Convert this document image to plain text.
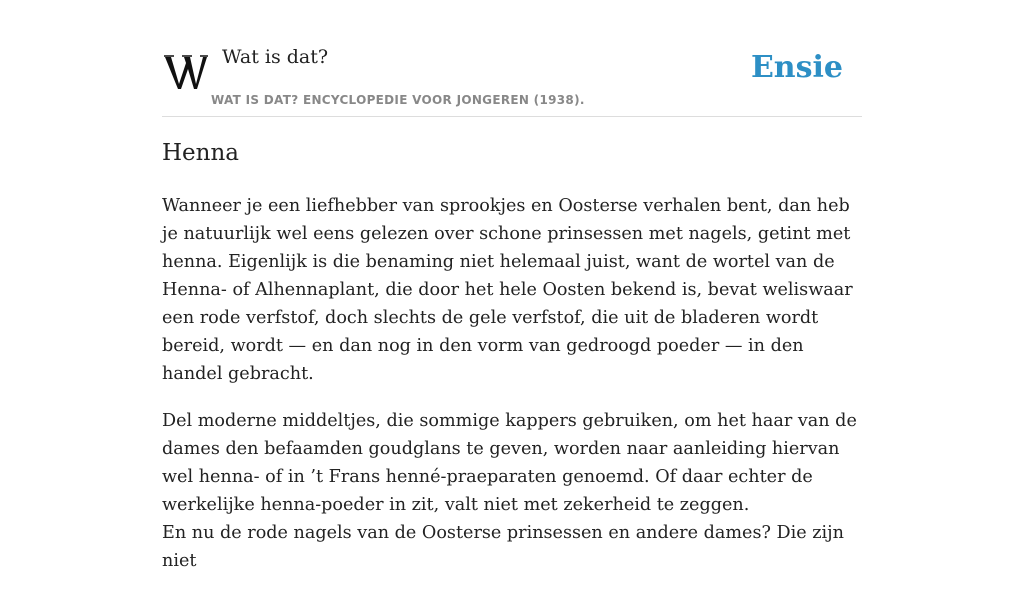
Wat is dat?
WAT IS DAT? ENCYCLOPEDIE VOOR JONGEREN (1938).
Ensie
Henna

Wanneer je een liefhebber van sprookjes en Oosterse verhalen bent, dan heb je natuurlijk wel eens gelezen over schone prinsessen met nagels, getint met henna. Eigenlijk is die benaming niet helemaal juist, want de wortel van de Henna- of Alhennaplant, die door het hele Oosten bekend is, bevat weliswaar een rode verfstof, doch slechts de gele verfstof, die uit de bladeren wordt bereid, wordt — en dan nog in den vorm van gedroogd poeder — in den handel gebracht.

Del moderne middeltjes, die sommige kappers gebruiken, om het haar van de dames den befaamden goudglans te geven, worden naar aanleiding hiervan wel henna- of in ’t Frans henné-praeparaten genoemd. Of daar echter de werkelijke henna-poeder in zit, valt niet met zekerheid te zeggen.

En nu de rode nagels van de Oosterse prinsessen en andere dames? Die zijn niet
